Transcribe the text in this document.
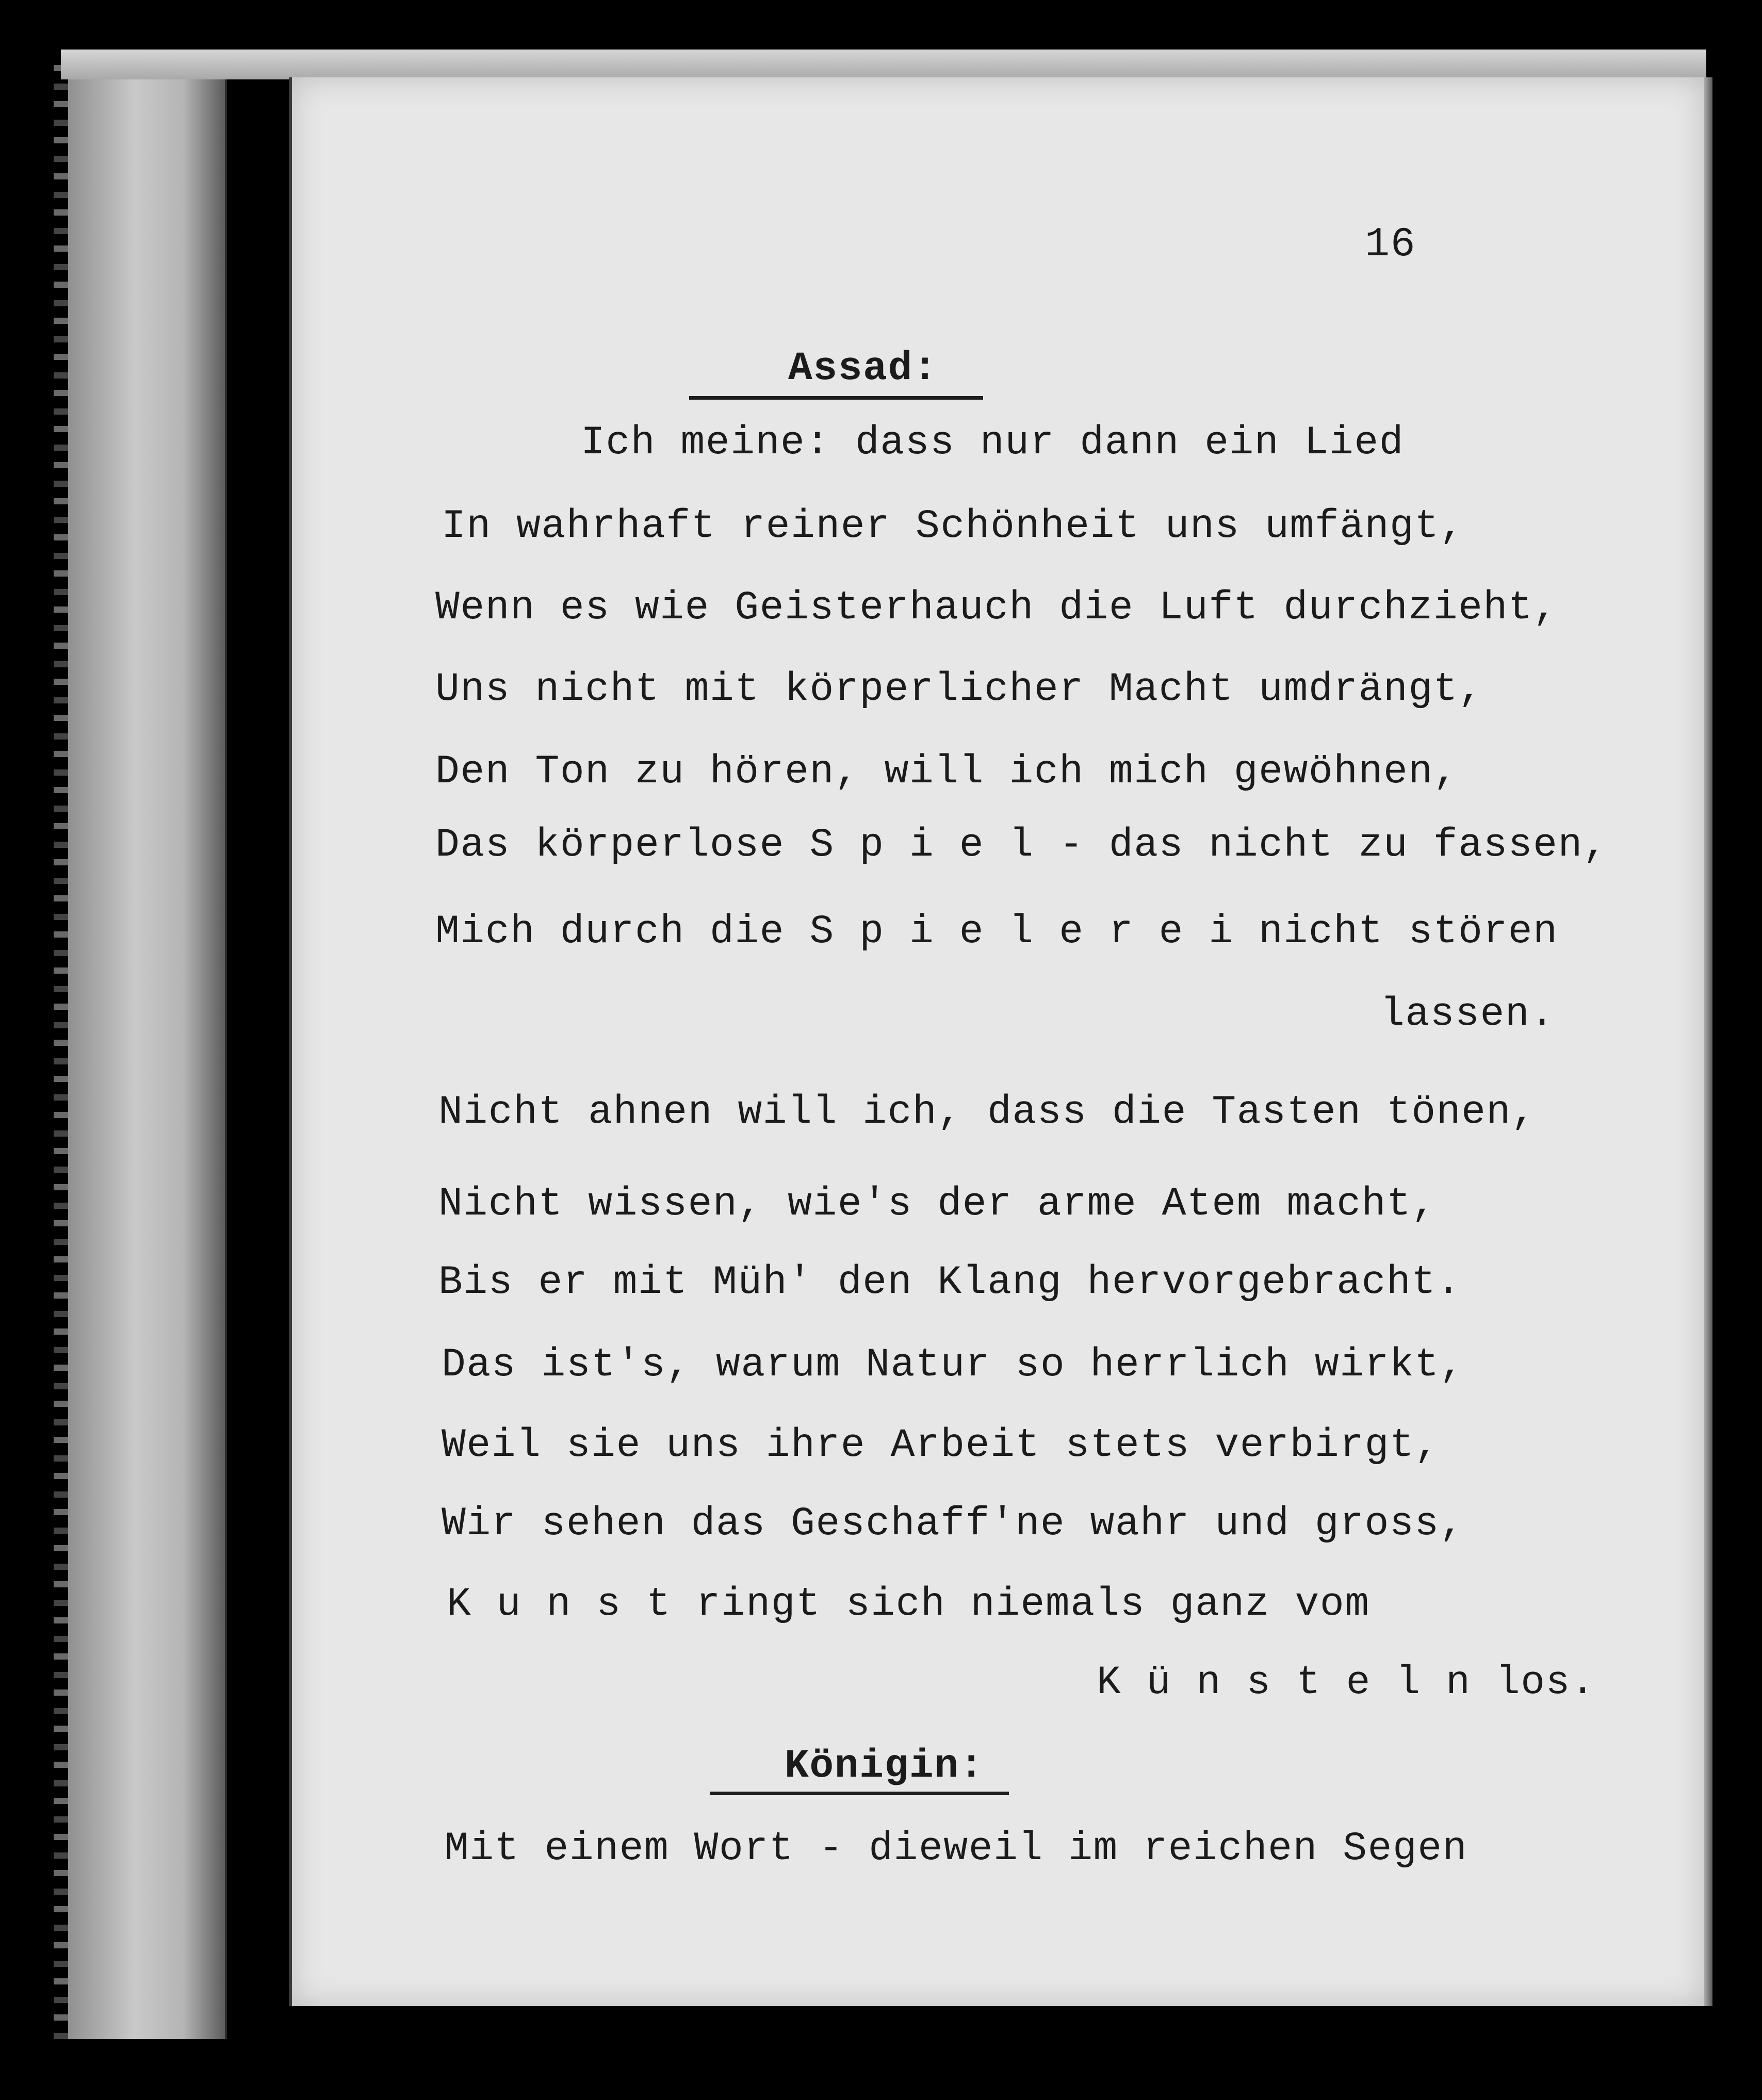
16
Assad:
Ich meine: dass nur dann ein Lied
In wahrhaft reiner Schönheit uns umfängt,
Wenn es wie Geisterhauch die Luft durchzieht,
Uns nicht mit körperlicher Macht umdrängt,
Den Ton zu hören, will ich mich gewöhnen,
Das körperlose S p i e l - das nicht zu fassen,
Mich durch die S p i e l e r e i nicht stören
lassen.
Nicht ahnen will ich, dass die Tasten tönen,
Nicht wissen, wie's der arme Atem macht,
Bis er mit Müh' den Klang hervorgebracht.
Das ist's, warum Natur so herrlich wirkt,
Weil sie uns ihre Arbeit stets verbirgt,
Wir sehen das Geschaff'ne wahr und gross,
K u n s t ringt sich niemals ganz vom
K ü n s t e l n los.
Königin:
Mit einem Wort - dieweil im reichen Segen
